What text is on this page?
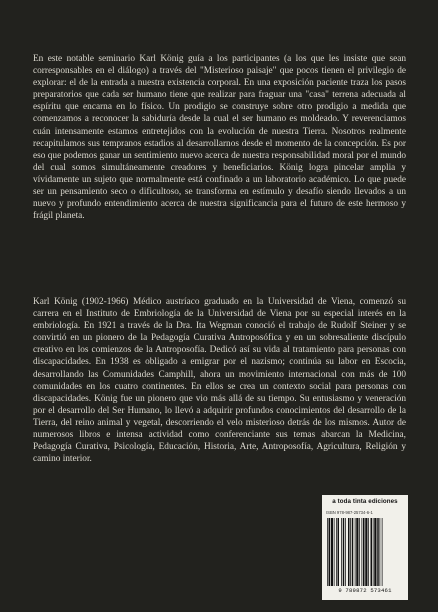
En este notable seminario Karl König guía a los participantes (a los que les insiste que sean corresponsables en el diálogo) a través del "Misterioso paisaje" que pocos tienen el privilegio de explorar: el de la entrada a nuestra existencia corporal. En una exposición paciente traza los pasos preparatorios que cada ser humano tiene que realizar para fraguar una "casa" terrena adecuada al espíritu que encarna en lo físico. Un prodigio se construye sobre otro prodigio a medida que comenzamos a reconocer la sabiduría desde la cual el ser humano es moldeado. Y reverenciamos cuán intensamente estamos entretejidos con la evolución de nuestra Tierra. Nosotros realmente recapitulamos sus tempranos estadios al desarrollarnos desde el momento de la concepción. Es por eso que podemos ganar un sentimiento nuevo acerca de nuestra responsabilidad moral por el mundo del cual somos simultáneamente creadores y beneficiarios. König logra pincelar amplia y vívidamente un sujeto que normalmente está confinado a un laboratorio académico. Lo que puede ser un pensamiento seco o dificultoso, se transforma en estímulo y desafío siendo llevados a un nuevo y profundo entendimiento acerca de nuestra significancia para el futuro de este hermoso y frágil planeta.

Karl König (1902-1966) Médico austríaco graduado en la Universidad de Viena, comenzó su carrera en el Instituto de Embriología de la Universidad de Viena por su especial interés en la embriología. En 1921 a través de la Dra. Ita Wegman conoció el trabajo de Rudolf Steiner y se convirtió en un pionero de la Pedagogía Curativa Antroposófica y en un sobresaliente discípulo creativo en los comienzos de la Antroposofía. Dedicó así su vida al tratamiento para personas con discapacidades. En 1938 es obligado a emigrar por el nazismo; continúa su labor en Escocia, desarrollando las Comunidades Camphill, ahora un movimiento internacional con más de 100 comunidades en los cuatro continentes. En ellos se crea un contexto social para personas con discapacidades. König fue un pionero que vio más allá de su tiempo. Su entusiasmo y veneración por el desarrollo del Ser Humano, lo llevó a adquirir profundos conocimientos del desarrollo de la Tierra, del reino animal y vegetal, descorriendo el velo misterioso detrás de los mismos. Autor de numerosos libros e intensa actividad como conferenciante sus temas abarcan la Medicina, Pedagogía Curativa, Psicología, Educación, Historia, Arte, Antroposofía, Agricultura, Religión y camino interior.

a toda tinta ediciones
ISBN 978-987-25734-6-1
9 789872 573461
